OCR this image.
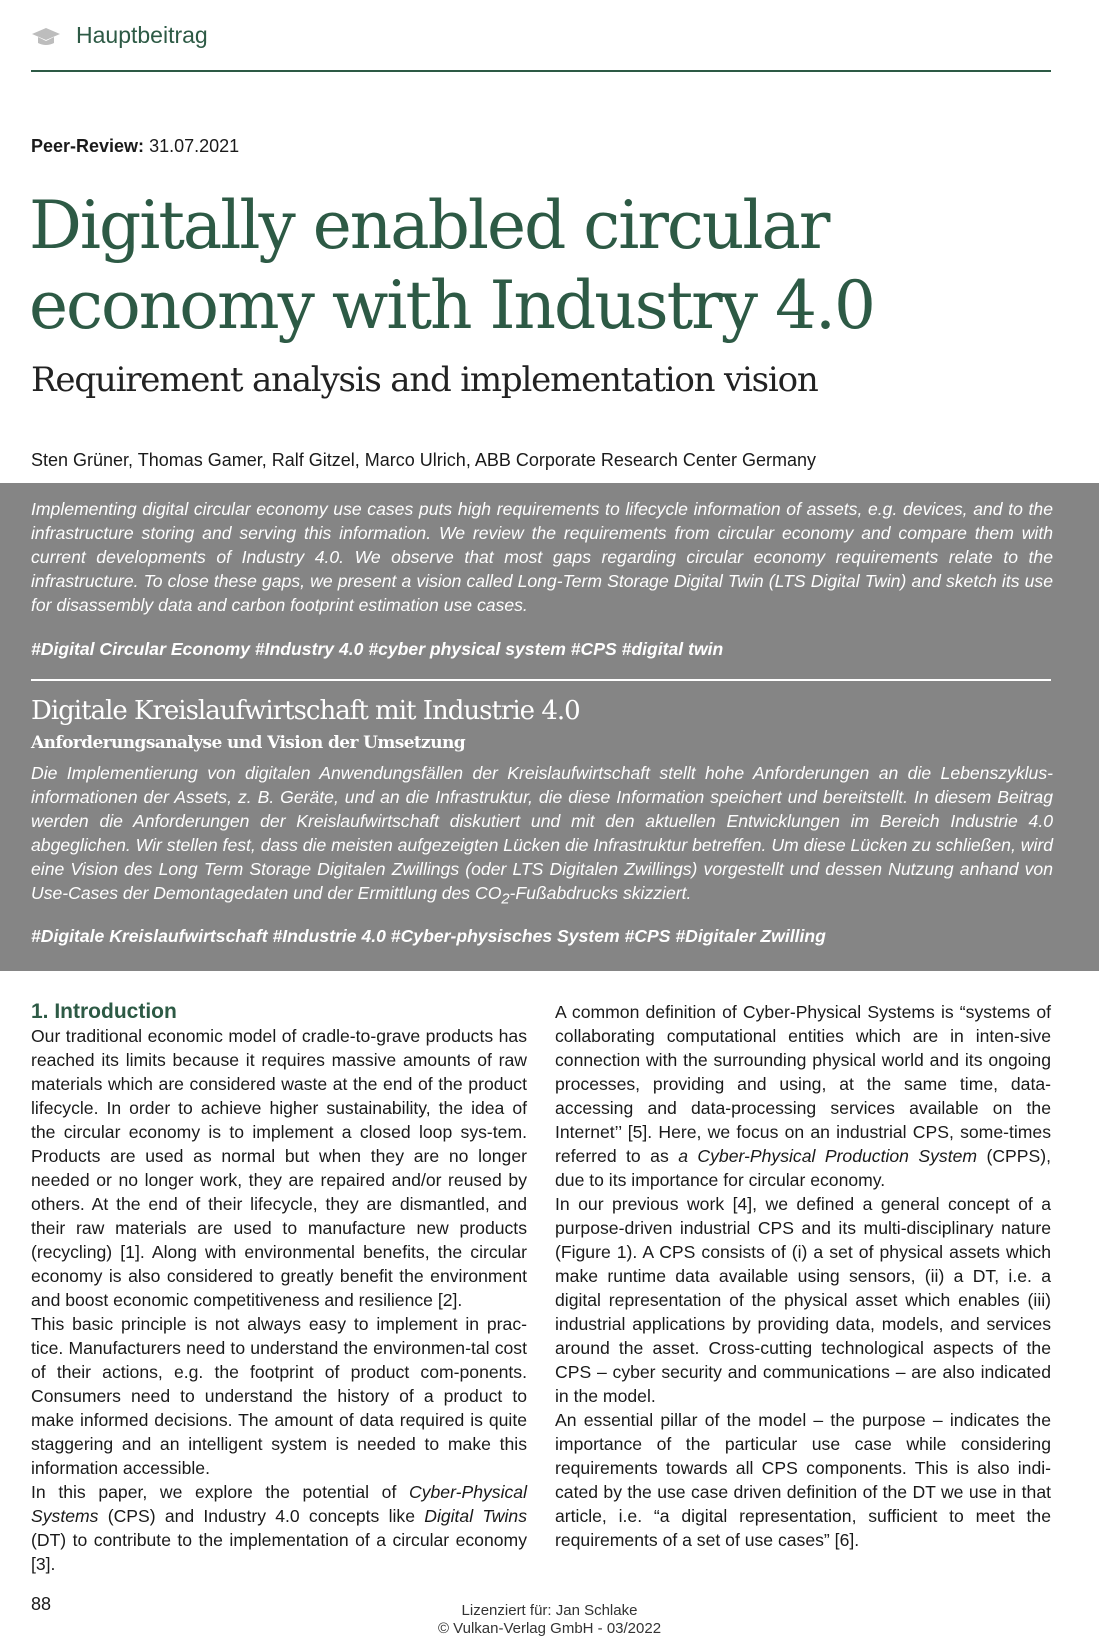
Hauptbeitrag
Peer-Review: 31.07.2021
Digitally enabled circular
economy with Industry 4.0
Requirement analysis and implementation vision
Sten Grüner, Thomas Gamer, Ralf Gitzel, Marco Ulrich, ABB Corporate Research Center Germany
Implementing digital circular economy use cases puts high requirements to lifecycle information of assets, e.g. devices, and to the infrastructure storing and serving this information. We review the requirements from circular economy and compare them with current developments of Industry 4.0. We observe that most gaps regarding circular economy requirements relate to the infrastructure. To close these gaps, we present a vision called Long-Term Storage Digital Twin (LTS Digital Twin) and sketch its use for disassembly data and carbon footprint estimation use cases.
#Digital Circular Economy #Industry 4.0 #cyber physical system #CPS #digital twin
Digitale Kreislaufwirtschaft mit Industrie 4.0
Anforderungsanalyse und Vision der Umsetzung
Die Implementierung von digitalen Anwendungsfällen der Kreislaufwirtschaft stellt hohe Anforderungen an die Lebenszyklus-informationen der Assets, z. B. Geräte, und an die Infrastruktur, die diese Information speichert und bereitstellt. In diesem Beitrag werden die Anforderungen der Kreislaufwirtschaft diskutiert und mit den aktuellen Entwicklungen im Bereich Industrie 4.0 abgeglichen. Wir stellen fest, dass die meisten aufgezeigten Lücken die Infrastruktur betreffen. Um diese Lücken zu schließen, wird eine Vision des Long Term Storage Digitalen Zwillings (oder LTS Digitalen Zwillings) vorgestellt und dessen Nutzung anhand von Use-Cases der Demontagedaten und der Ermittlung des $CO_2$-Fußabdrucks skizziert.
#Digitale Kreislaufwirtschaft #Industrie 4.0 #Cyber-physisches System #CPS #Digitaler Zwilling
1. Introduction

Our traditional economic model of cradle-to-grave products has reached its limits because it requires massive amounts of raw materials which are considered waste at the end of the product lifecycle. In order to achieve higher sustainability, the idea of the circular economy is to implement a closed loop sys-tem. Products are used as normal but when they are no longer needed or no longer work, they are repaired and/or reused by others. At the end of their lifecycle, they are dismantled, and their raw materials are used to manufacture new products (recycling) [1]. Along with environmental benefits, the circular economy is also considered to greatly benefit the environment and boost economic competitiveness and resilience [2].

This basic principle is not always easy to implement in prac-tice. Manufacturers need to understand the environmen-tal cost of their actions, e.g. the footprint of product com-ponents. Consumers need to understand the history of a product to make informed decisions. The amount of data required is quite staggering and an intelligent system is needed to make this information accessible.

In this paper, we explore the potential of Cyber-Physical Systems (CPS) and Industry 4.0 concepts like Digital Twins (DT) to contribute to the implementation of a circular economy [3].

A common definition of Cyber-Physical Systems is “systems of collaborating computational entities which are in inten-sive connection with the surrounding physical world and its ongoing processes, providing and using, at the same time, data-accessing and data-processing services available on the Internet’’ [5]. Here, we focus on an industrial CPS, some-times referred to as a Cyber-Physical Production System (CPPS), due to its importance for circular economy.

In our previous work [4], we defined a general concept of a purpose-driven industrial CPS and its multi-disciplinary nature (Figure 1). A CPS consists of (i) a set of physical assets which make runtime data available using sensors, (ii) a DT, i.e. a digital representation of the physical asset which enables (iii) industrial applications by providing data, models, and services around the asset. Cross-cutting technological aspects of the CPS – cyber security and communications – are also indicated in the model.

An essential pillar of the model – the purpose – indicates the importance of the particular use case while considering requirements towards all CPS components. This is also indi-cated by the use case driven definition of the DT we use in that article, i.e. “a digital representation, sufficient to meet the requirements of a set of use cases” [6].

88	Lizenziert für: Jan Schlake
© Vulkan-Verlag GmbH - 03/2022
